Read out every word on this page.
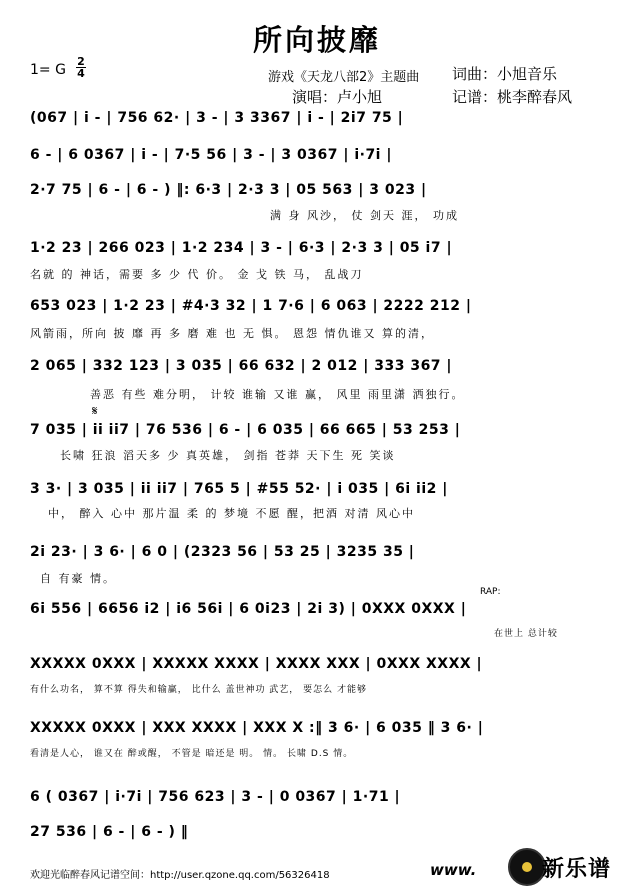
所向披靡
1= G
2
4	游戏《天龙八部2》主题曲 词曲：小旭音乐
演唱：卢小旭	记谱：桃李醉春风
(067 | i - | 756 62· | 3 - | 3 3367 | i - | 2i7 75 |
6 - | 6 0367 | i - | 7·5 56 | 3 - | 3 0367 | i·7i |
2·7 75 | 6 - | 6 - ) ‖: 6·3 | 2·3 3 | 05 563 | 3 023 |
满 身 风沙， 仗 剑天 涯， 功成
1·2 23 | 266 023 | 1·2 234 | 3 - | 6·3 | 2·3 3 | 05 i7 |
名就 的 神话，需要 多 少 代 价。 金 戈 铁 马， 乱战刀
653 023 | 1·2 23 | #4·3 32 | 1 7·6 | 6 063 | 2222 212 |
风箭雨，所向 披 靡 再 多 磨 难 也 无 惧。 恩怨 情仇谁又 算的清，
2 065 | 332 123 | 3 035 | 66 632 | 2 012 | 333 367 |
善恶 有些 难分明， 计较 谁输 又谁 赢， 风里 雨里潇 洒独行。
𝄋
7 035 | ii ii7 | 76 536 | 6 - | 6 035 | 66 665 | 53 253 |
长啸 狂浪 滔天多 少 真英雄， 剑指 苍莽 天下生 死 笑谈
3 3· | 3 035 | ii ii7 | 765 5 | #55 52· | i 035 | 6i ii2 |
中， 醉入 心中 那片温 柔 的 梦境 不愿 醒，把酒 对清 风心中
2i 23· | 3 6· | 6 0 | (2323 56 | 53 25 | 3235 35 |
自 有豪 情。
RAP:
6i 556 | 6656 i2 | i6 56i | 6 0i23 | 2i 3) | 0XXX 0XXX |
在世上 总计较
XXXXX 0XXX | XXXXX XXXX | XXXX XXX | 0XXX XXXX |
有什么功名， 算不算 得失和输赢， 比什么 盖世神功 武艺， 要怎么 才能够
XXXXX 0XXX | XXX XXXX | XXX X :‖ 3 6· | 6 035 ‖ 3 6· |
看清是人心， 谁又在 醉或醒， 不管是 暗还是 明。 情。 长啸 D.S 情。
6 ( 0367 | i·7i | 756 623 | 3 - | 0 0367 | 1·71 |
27 536 | 6 - | 6 - ) ‖
欢迎光临醉春风记谱空间：http://user.qzone.qq.com/56326418	www.	新乐谱
